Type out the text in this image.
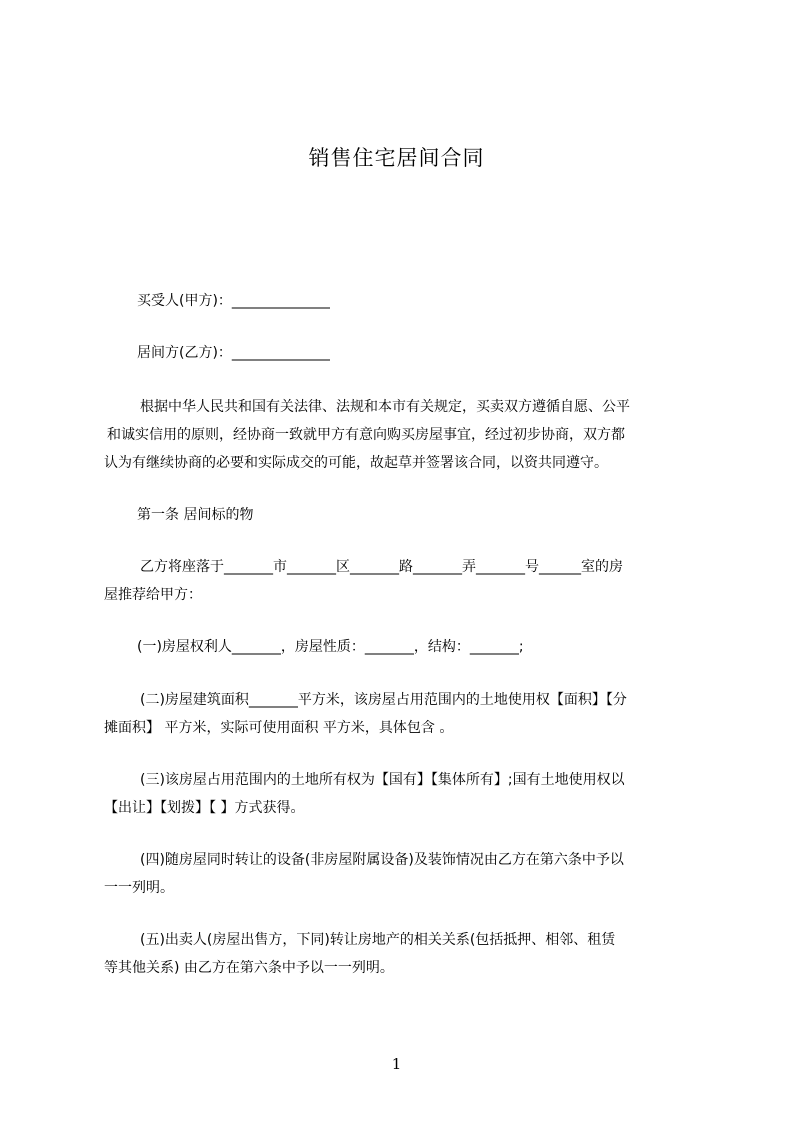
销售住宅居间合同
买受人(甲方)：______________
居间方(乙方)：______________
根据中华人民共和国有关法律、法规和本市有关规定，买卖双方遵循自愿、公平
和诚实信用的原则，经协商一致就甲方有意向购买房屋事宜，经过初步协商，双方都
认为有继续协商的必要和实际成交的可能，故起草并签署该合同，以资共同遵守。
第一条 居间标的物
乙方将座落于_______市_______区_______路_______弄_______号______室的房
屋推荐给甲方：
(一)房屋权利人_______，房屋性质：_______，结构：_______;
(二)房屋建筑面积_______平方米，该房屋占用范围内的土地使用权【面积】【分
摊面积】 平方米，实际可使用面积 平方米，具体包含 。
(三)该房屋占用范围内的土地所有权为【国有】【集体所有】;国有土地使用权以
【出让】【划拨】【 】方式获得。
(四)随房屋同时转让的设备(非房屋附属设备)及装饰情况由乙方在第六条中予以
一一列明。
(五)出卖人(房屋出售方，下同)转让房地产的相关关系(包括抵押、相邻、租赁
等其他关系) 由乙方在第六条中予以一一列明。
1
